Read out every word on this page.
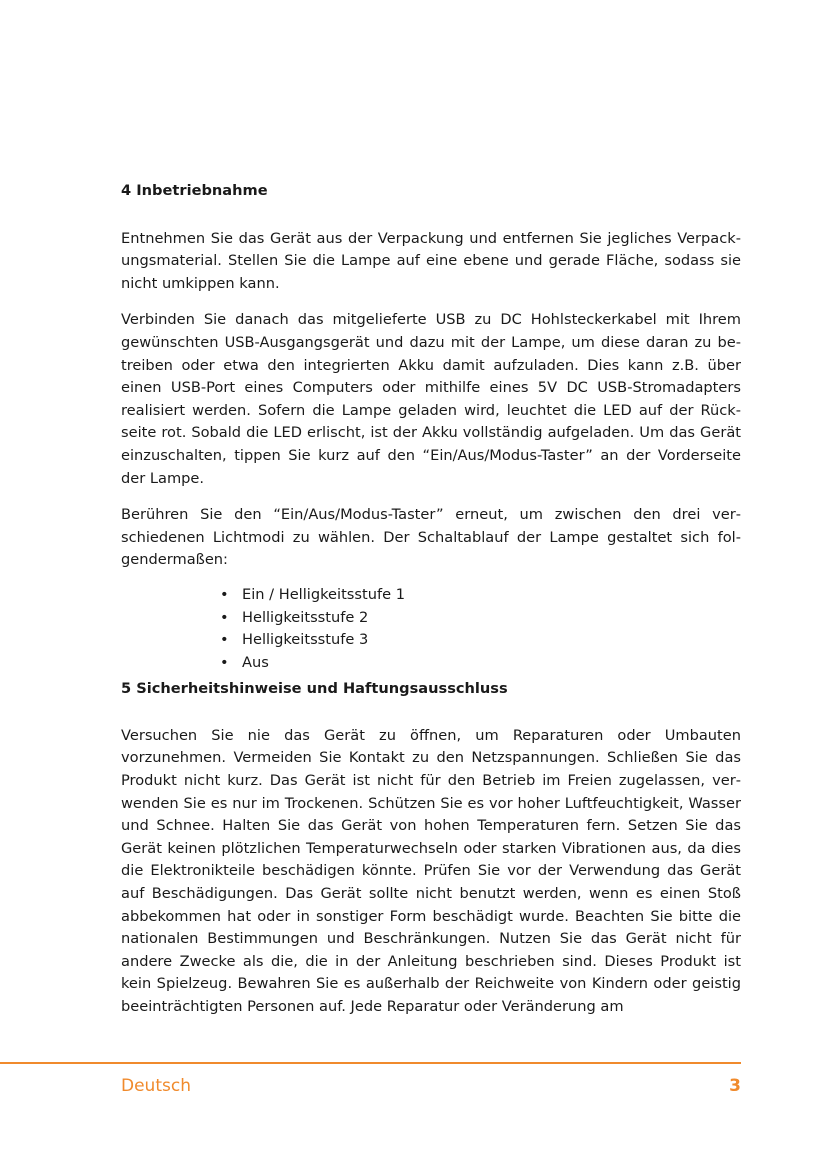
4 Inbetriebnahme

Entnehmen Sie das Gerät aus der Verpackung und entfernen Sie jegliches Verpackungsmaterial. Stellen Sie die Lampe auf eine ebene und gerade Fläche, sodass sie nicht umkippen kann.

Verbinden Sie danach das mitgelieferte USB zu DC Hohlsteckerkabel mit Ihrem gewünschten USB-Ausgangsgerät und dazu mit der Lampe, um diese daran zu betreiben oder etwa den integrierten Akku damit aufzuladen. Dies kann z.B. über einen USB-Port eines Computers oder mithilfe eines 5V DC USB-Stromadapters realisiert werden. Sofern die Lampe geladen wird, leuchtet die LED auf der Rückseite rot. Sobald die LED erlischt, ist der Akku vollständig aufgeladen. Um das Gerät einzuschalten, tippen Sie kurz auf den “Ein/Aus/Modus-Taster” an der Vorderseite der Lampe.

Berühren Sie den “Ein/Aus/Modus-Taster” erneut, um zwischen den drei verschiedenen Lichtmodi zu wählen. Der Schaltablauf der Lampe gestaltet sich folgendermaßen:

• Ein / Helligkeitsstufe 1
• Helligkeitsstufe 2
• Helligkeitsstufe 3
• Aus
5 Sicherheitshinweise und Haftungsausschluss

Versuchen Sie nie das Gerät zu öffnen, um Reparaturen oder Umbauten vorzunehmen. Vermeiden Sie Kontakt zu den Netzspannungen. Schließen Sie das Produkt nicht kurz. Das Gerät ist nicht für den Betrieb im Freien zugelassen, verwenden Sie es nur im Trockenen. Schützen Sie es vor hoher Luftfeuchtigkeit, Wasser und Schnee. Halten Sie das Gerät von hohen Temperaturen fern. Setzen Sie das Gerät keinen plötzlichen Temperaturwechseln oder starken Vibrationen aus, da dies die Elektronikteile beschädigen könnte. Prüfen Sie vor der Verwendung das Gerät auf Beschädigungen. Das Gerät sollte nicht benutzt werden, wenn es einen Stoß abbekommen hat oder in sonstiger Form beschädigt wurde. Beachten Sie bitte die nationalen Bestimmungen und Beschränkungen. Nutzen Sie das Gerät nicht für andere Zwecke als die, die in der Anleitung beschrieben sind. Dieses Produkt ist kein Spielzeug. Bewahren Sie es außerhalb der Reichweite von Kindern oder geistig beeinträchtigten Personen auf. Jede Reparatur oder Veränderung am

Deutsch	3
